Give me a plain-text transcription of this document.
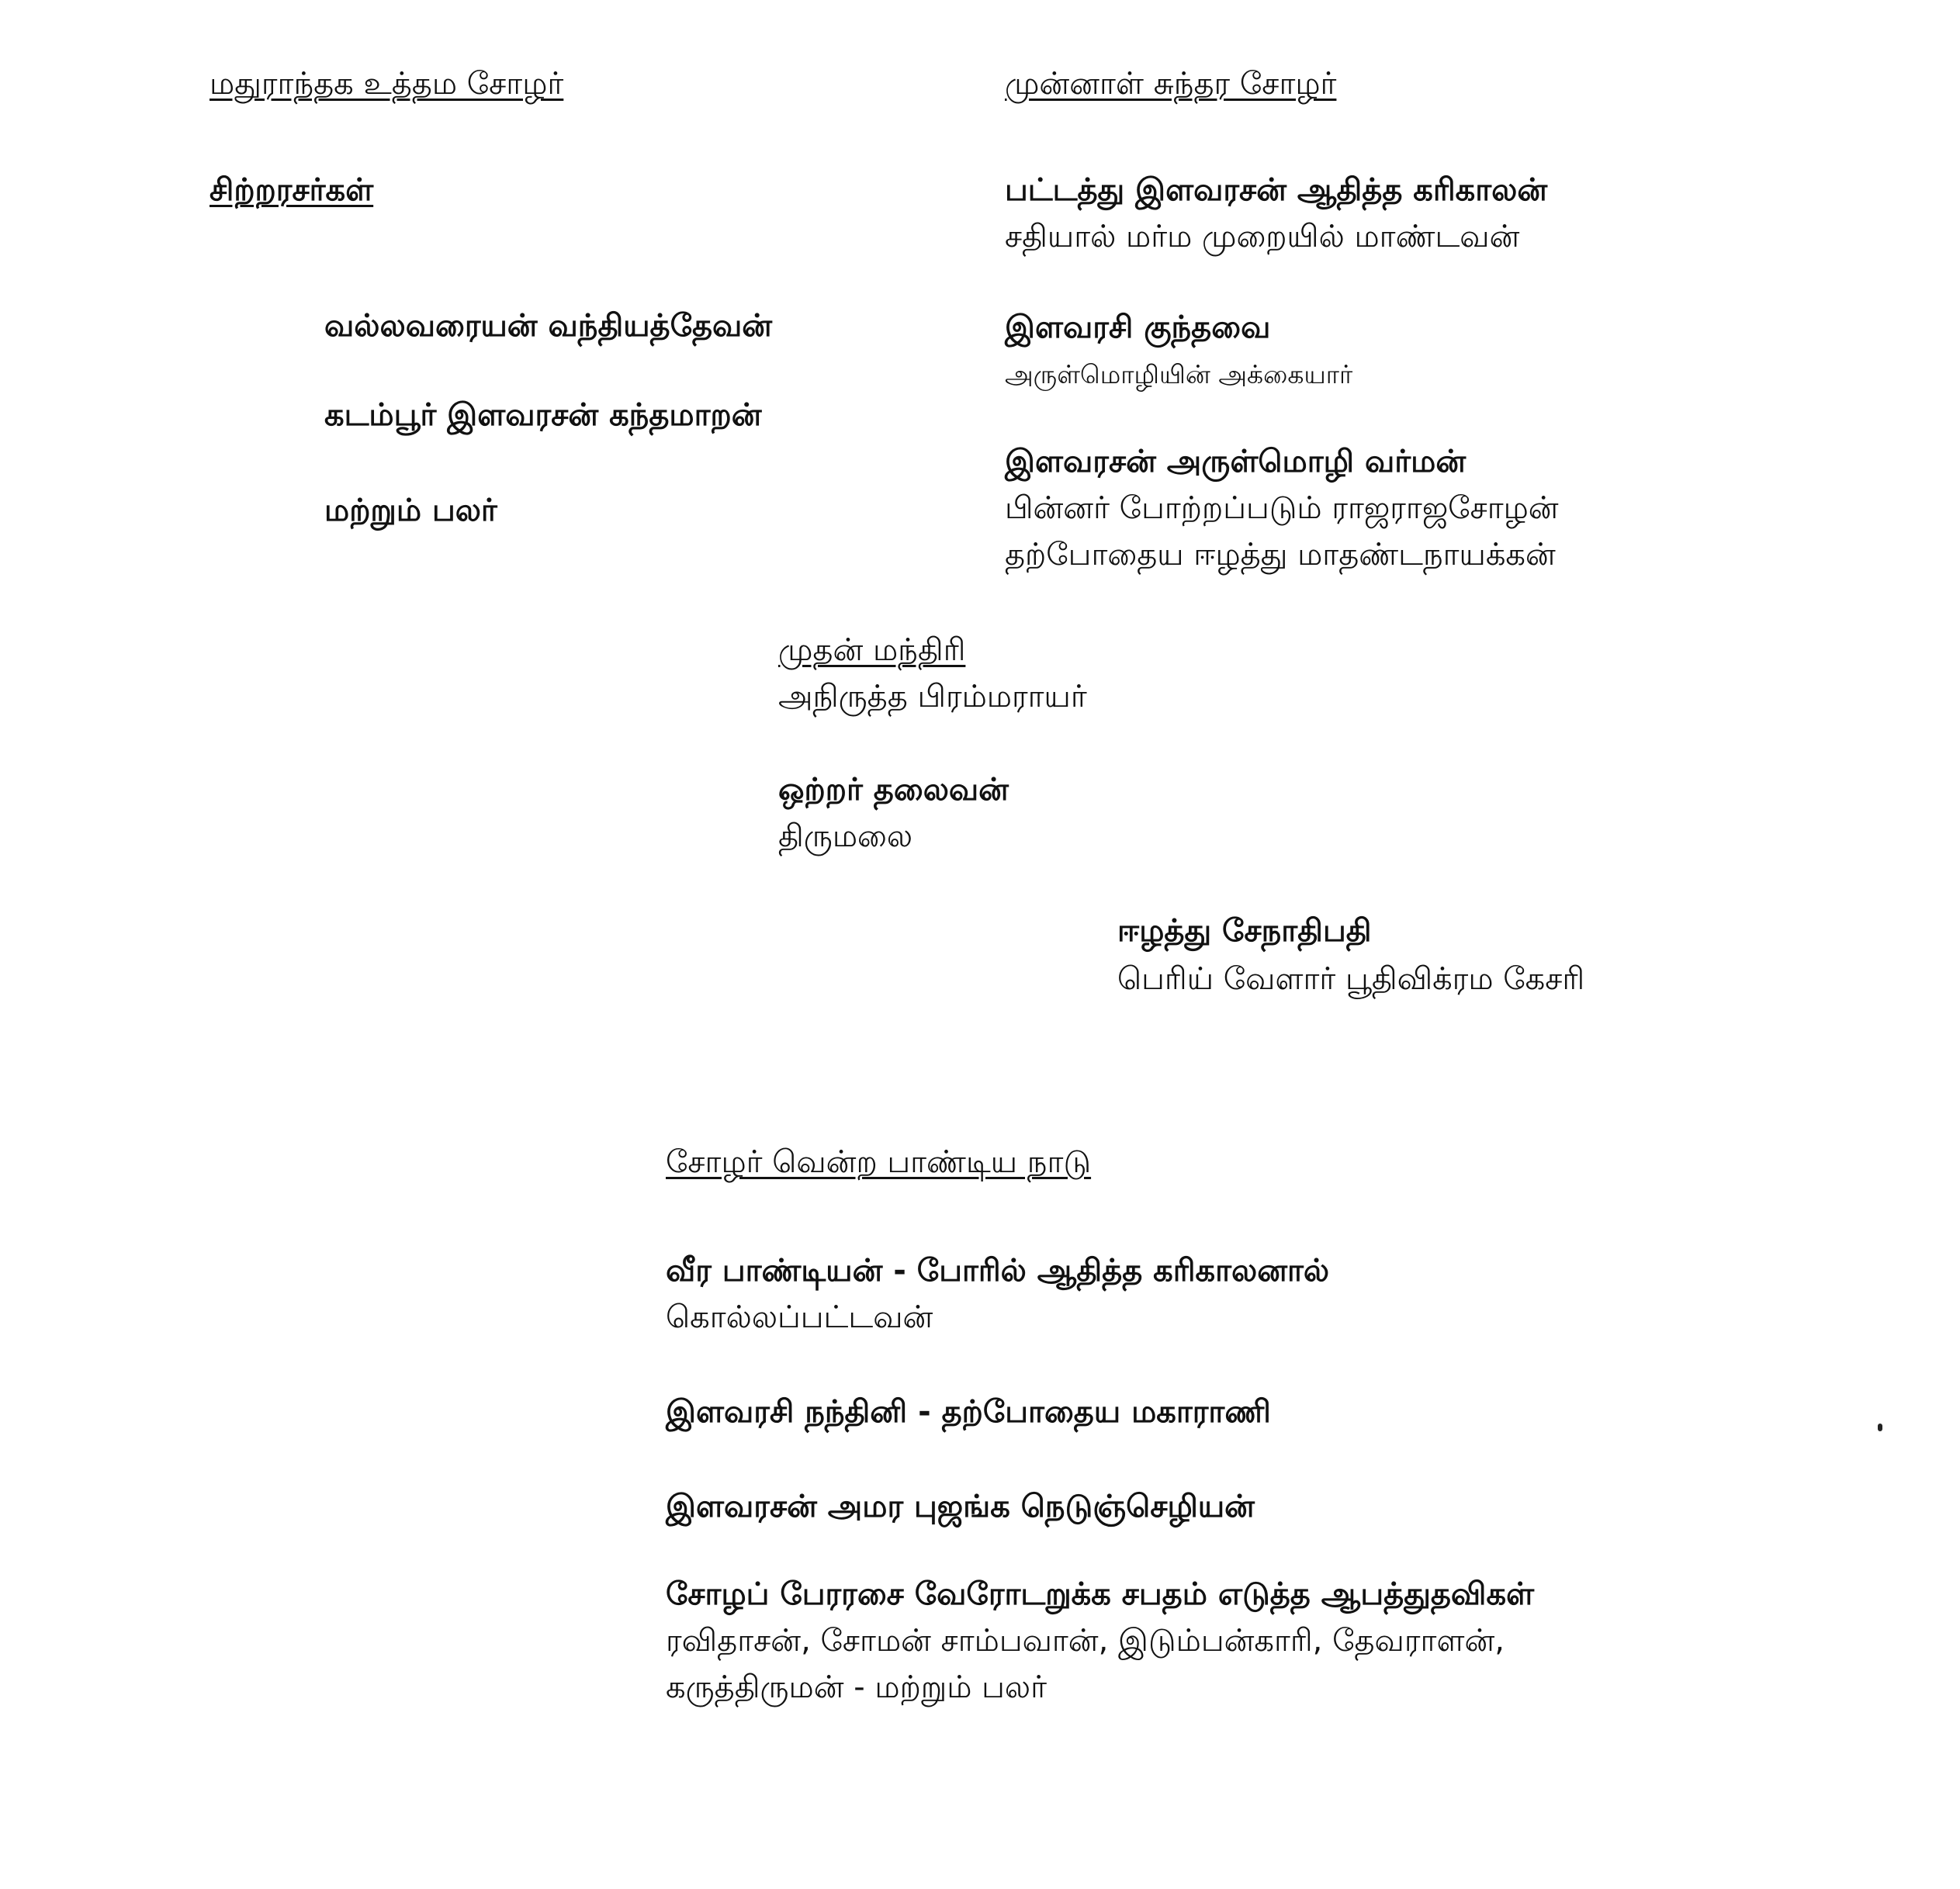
மதுராந்தக உத்தம சோழர்
சிற்றரசர்கள்
வல்லவரையன் வந்தியத்தேவன்
கடம்பூர் இளவரசன் கந்தமாறன்
மற்றும் பலர்
முன்னாள் சுந்தர சோழர்
பட்டத்து இளவரசன் ஆதித்த கரிகாலன்
சதியால் மர்ம முறையில் மாண்டவன்
இளவரசி குந்தவை
அருள்மொழியின் அக்கையார்
இளவரசன் அருள்மொழி வர்மன்
பின்னர் போற்றப்படும் ராஜராஜசோழன்
தற்போதைய ஈழத்து மாதண்டநாயக்கன்
முதன் மந்திரி
அநிருத்த பிரம்மராயர்
ஒற்றர் தலைவன்
திருமலை
ஈழத்து சேநாதிபதி
பெரிய் வேளார் பூதிவிக்ரம கேசரி
சோழர் வென்ற பாண்டிய நாடு
வீர பாண்டியன் - போரில் ஆதித்த கரிகாலனால்
கொல்லப்பட்டவன்
இளவரசி நந்தினி - தற்போதைய மகாராணி
இளவரசன் அமர புஜங்க நெடுஞ்செழியன்
சோழப் பேரரசை வேரோடறுக்க சபதம் எடுத்த ஆபத்துதவிகள்
ரவிதாசன், சோமன் சாம்பவான், இடும்பன்காரி, தேவராளன்,
கருத்திருமன் - மற்றும் பலர்
